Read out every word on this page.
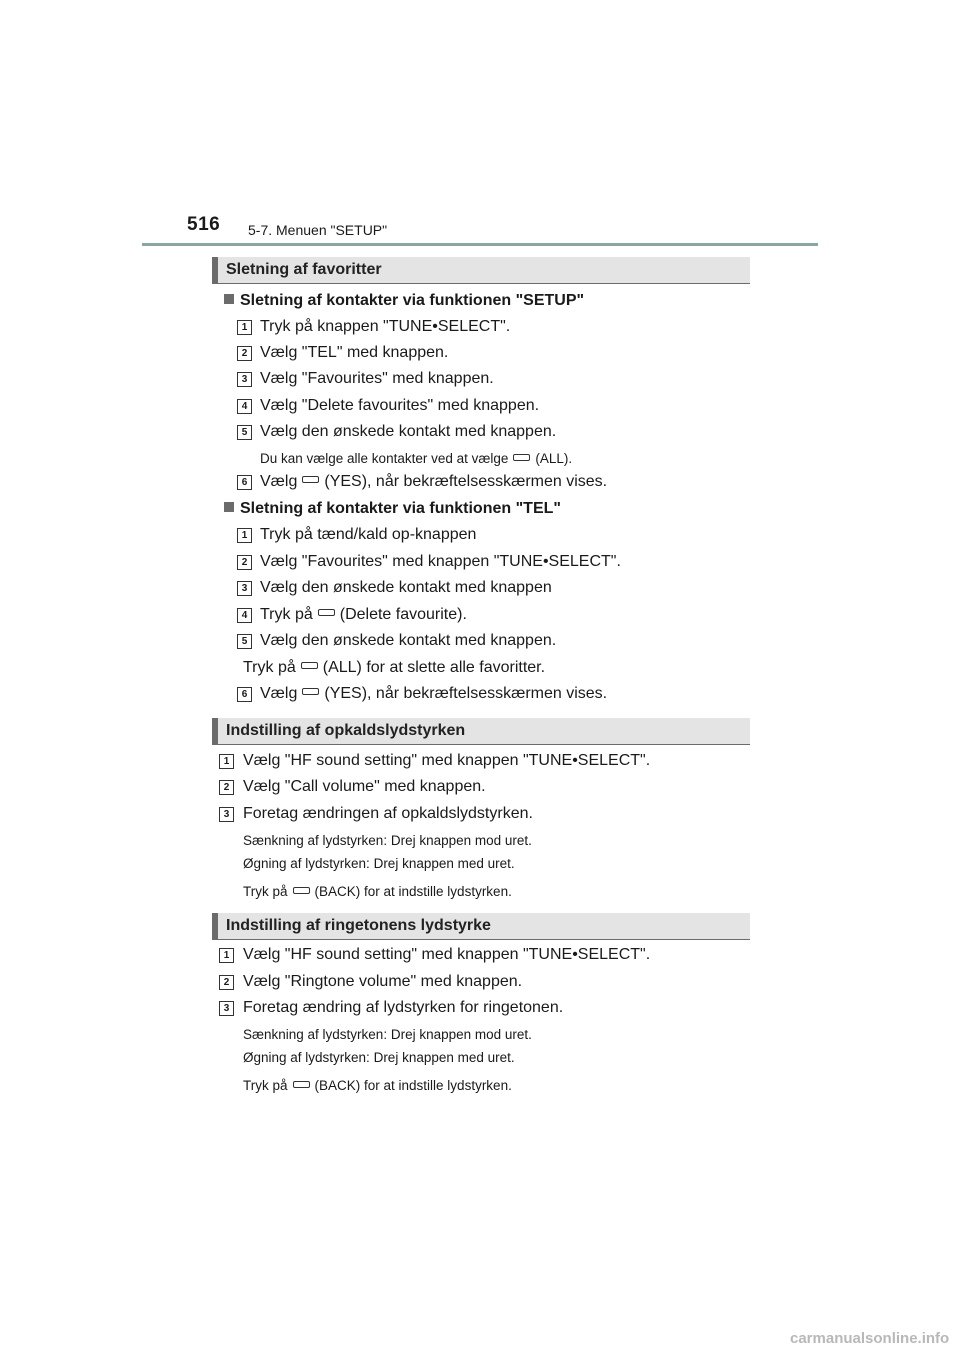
516 5-7. Menuen "SETUP"
Sletning af favoritter
Sletning af kontakter via funktionen "SETUP"
1 Tryk på knappen "TUNE•SELECT".
2 Vælg "TEL" med knappen.
3 Vælg "Favourites" med knappen.
4 Vælg "Delete favourites" med knappen.
5 Vælg den ønskede kontakt med knappen.
Du kan vælge alle kontakter ved at vælge (ALL).
6 Vælg (YES), når bekræftelsesskærmen vises.
Sletning af kontakter via funktionen "TEL"
1 Tryk på tænd/kald op-knappen
2 Vælg "Favourites" med knappen "TUNE•SELECT".
3 Vælg den ønskede kontakt med knappen
4 Tryk på (Delete favourite).
5 Vælg den ønskede kontakt med knappen.
Tryk på (ALL) for at slette alle favoritter.
6 Vælg (YES), når bekræftelsesskærmen vises.
Indstilling af opkaldslydstyrken
1 Vælg "HF sound setting" med knappen "TUNE•SELECT".
2 Vælg "Call volume" med knappen.
3 Foretag ændringen af opkaldslydstyrken.
Sænkning af lydstyrken: Drej knappen mod uret.
Øgning af lydstyrken: Drej knappen med uret.
Tryk på (BACK) for at indstille lydstyrken.
Indstilling af ringetonens lydstyrke
1 Vælg "HF sound setting" med knappen "TUNE•SELECT".
2 Vælg "Ringtone volume" med knappen.
3 Foretag ændring af lydstyrken for ringetonen.
Sænkning af lydstyrken: Drej knappen mod uret.
Øgning af lydstyrken: Drej knappen med uret.
Tryk på (BACK) for at indstille lydstyrken.
carmanualsonline.info
